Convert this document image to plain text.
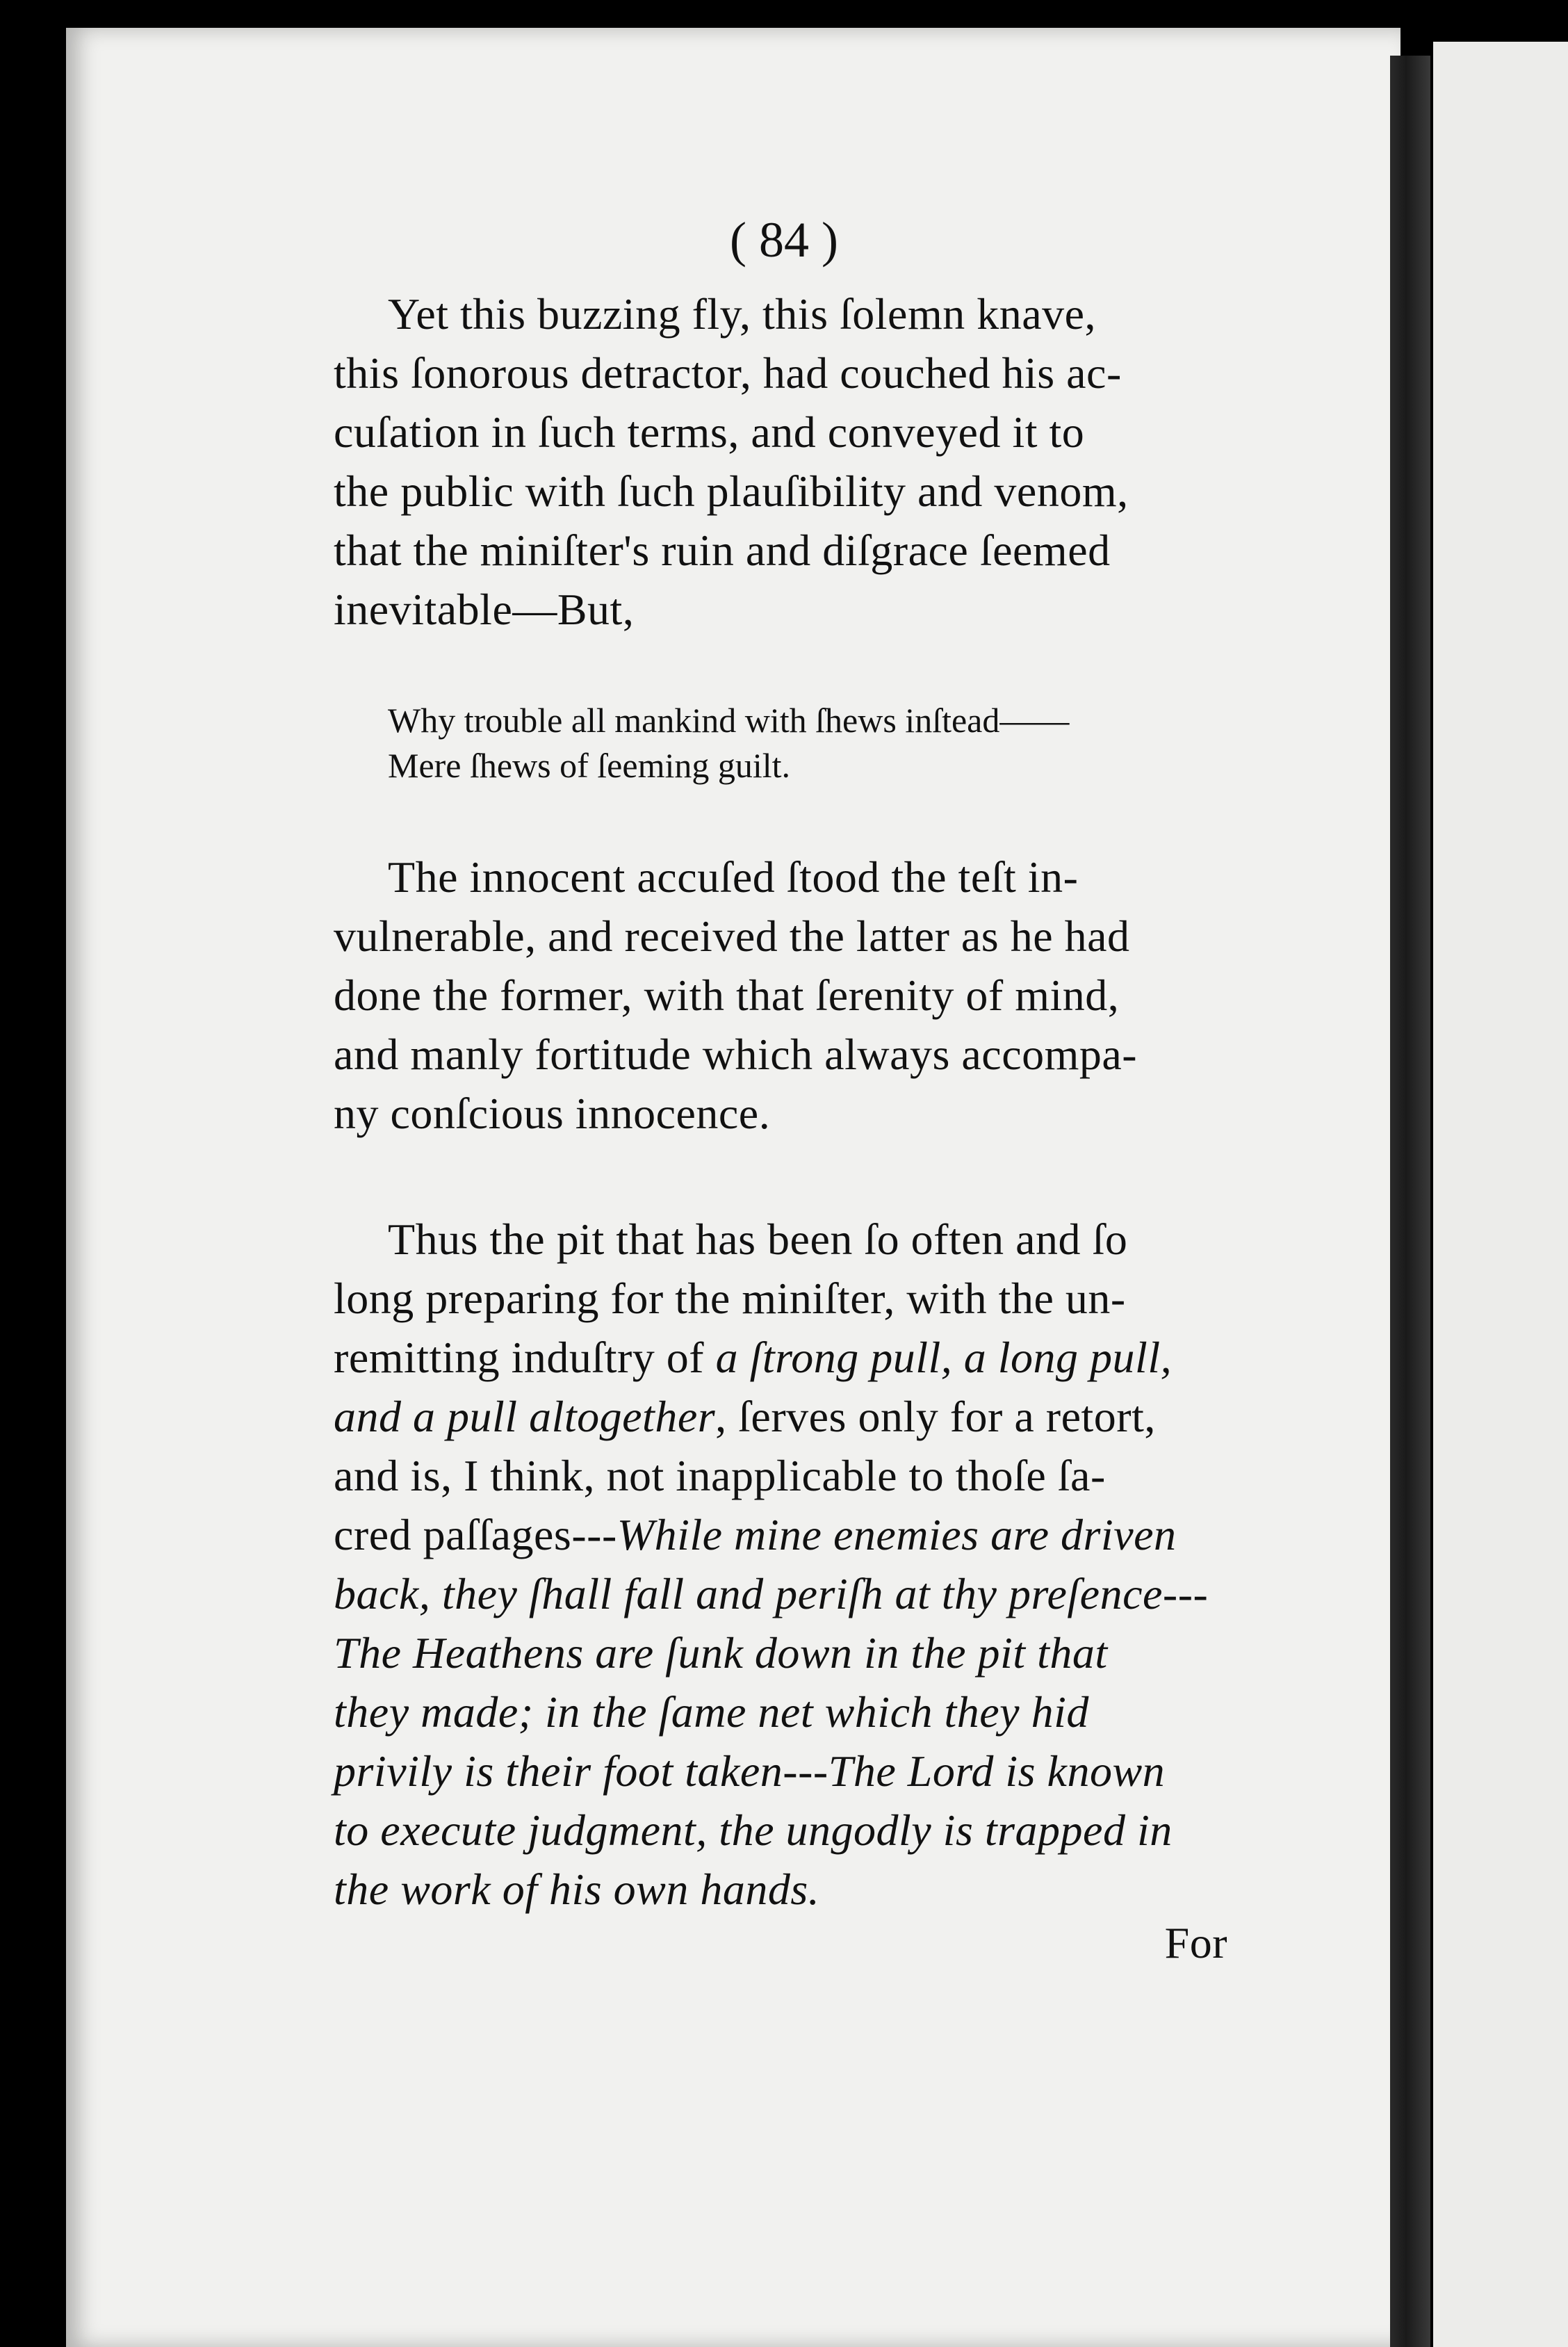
( 84 )
Yet this buzzing fly, this ſolemn knave,
this ſonorous detractor, had couched his ac-
cuſation in ſuch terms, and conveyed it to
the public with ſuch plauſibility and venom,
that the miniſter's ruin and diſgrace ſeemed
inevitable—But,
Why trouble all mankind with ſhews inſtead——
Mere ſhews of ſeeming guilt.
The innocent accuſed ſtood the teſt in-
vulnerable, and received the latter as he had
done the former, with that ſerenity of mind,
and manly fortitude which always accompa-
ny conſcious innocence.
Thus the pit that has been ſo often and ſo
long preparing for the miniſter, with the un-
remitting induſtry of a ſtrong pull, a long pull,
and a pull altogether, ſerves only for a retort,
and is, I think, not inapplicable to thoſe ſa-
cred paſſages---While mine enemies are driven
back, they ſhall fall and periſh at thy preſence---
The Heathens are ſunk down in the pit that
they made; in the ſame net which they hid
privily is their foot taken---The Lord is known
to execute judgment, the ungodly is trapped in
the work of his own hands.
For
